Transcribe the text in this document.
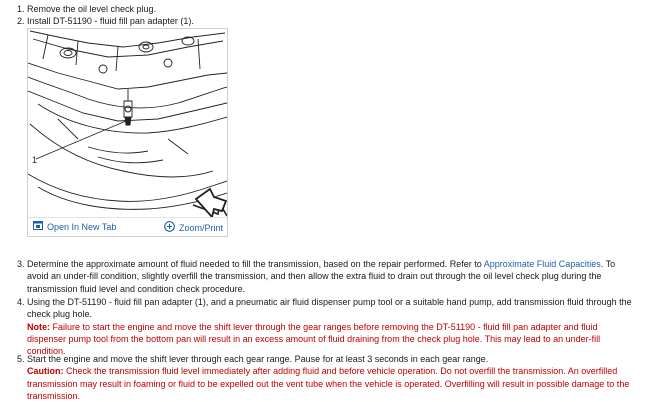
1. Remove the oil level check plug.
2. Install DT-51190 - fluid fill pan adapter (1).
1
Open In New Tab	Zoom/Print
3. Determine the approximate amount of fluid needed to fill the transmission, based on the repair performed. Refer to Approximate Fluid Capacities. To avoid an under-fill condition, slightly overfill the transmission, and then allow the extra fluid to drain out through the oil level check plug during the transmission fluid level and condition check procedure.
4. Using the DT-51190 - fluid fill pan adapter (1), and a pneumatic air fluid dispenser pump tool or a suitable hand pump, add transmission fluid through the check plug hole.
Note: Failure to start the engine and move the shift lever through the gear ranges before removing the DT-51190 - fluid fill pan adapter and fluid dispenser pump tool from the bottom pan will result in an excess amount of fluid draining from the check plug hole. This may lead to an under-fill condition.
5. Start the engine and move the shift lever through each gear range. Pause for at least 3 seconds in each gear range.
Caution: Check the transmission fluid level immediately after adding fluid and before vehicle operation. Do not overfill the transmission. An overfilled transmission may result in foaming or fluid to be expelled out the vent tube when the vehicle is operated. Overfilling will result in possible damage to the transmission.
